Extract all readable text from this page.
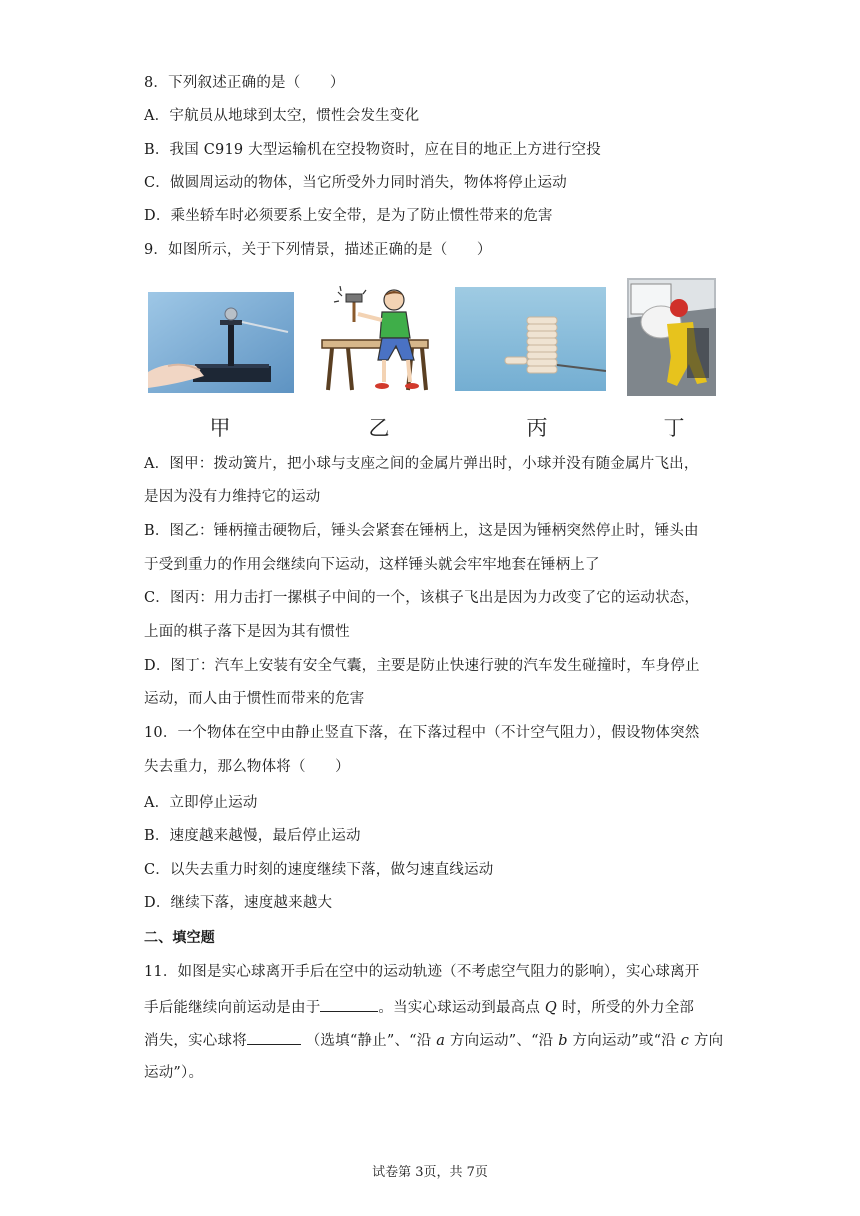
8．下列叙述正确的是（　　）
A．宇航员从地球到太空，惯性会发生变化
B．我国 C919 大型运输机在空投物资时，应在目的地正上方进行空投
C．做圆周运动的物体，当它所受外力同时消失，物体将停止运动
D．乘坐轿车时必须要系上安全带，是为了防止惯性带来的危害
9．如图所示，关于下列情景，描述正确的是（　　）
甲	乙	丙	丁
A．图甲：拨动簧片，把小球与支座之间的金属片弹出时，小球并没有随金属片飞出，
是因为没有力维持它的运动
B．图乙：锤柄撞击硬物后，锤头会紧套在锤柄上，这是因为锤柄突然停止时，锤头由
于受到重力的作用会继续向下运动，这样锤头就会牢牢地套在锤柄上了
C．图丙：用力击打一摞棋子中间的一个，该棋子飞出是因为力改变了它的运动状态，
上面的棋子落下是因为其有惯性
D．图丁：汽车上安装有安全气囊，主要是防止快速行驶的汽车发生碰撞时，车身停止
运动，而人由于惯性而带来的危害
10．一个物体在空中由静止竖直下落，在下落过程中（不计空气阻力），假设物体突然
失去重力，那么物体将（　　）
A．立即停止运动
B．速度越来越慢，最后停止运动
C．以失去重力时刻的速度继续下落，做匀速直线运动
D．继续下落，速度越来越大
二、填空题
11．如图是实心球离开手后在空中的运动轨迹（不考虑空气阻力的影响），实心球离开
手后能继续向前运动是由于	。当实心球运动到最高点 Q 时，所受的外力全部
消失，实心球将	（选填“静止”、“沿 a 方向运动”、“沿 b 方向运动”或“沿 c 方向
运动”）。
试卷第 3页，共 7页
